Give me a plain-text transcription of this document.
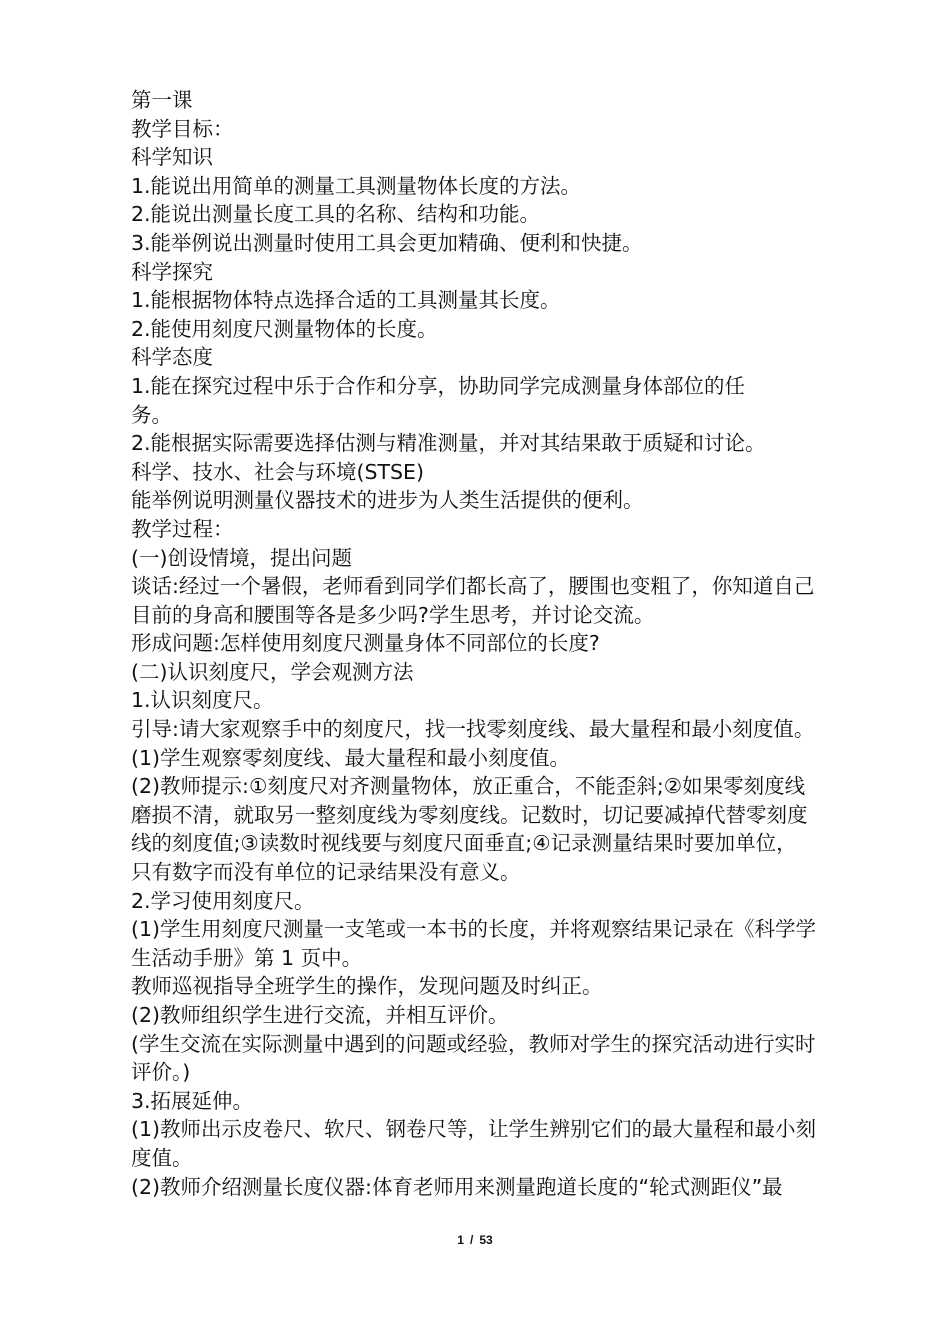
第一课
教学目标：
科学知识
1.能说出用简单的测量工具测量物体长度的方法。
2.能说出测量长度工具的名称、结构和功能。
3.能举例说出测量时使用工具会更加精确、便利和快捷。
科学探究
1.能根据物体特点选择合适的工具测量其长度。
2.能使用刻度尺测量物体的长度。
科学态度
1.能在探究过程中乐于合作和分享，协助同学完成测量身体部位的任
务。
2.能根据实际需要选择估测与精准测量，并对其结果敢于质疑和讨论。
科学、技水、社会与环境(STSE)
能举例说明测量仪器技术的进步为人类生活提供的便利。
教学过程：
(一)创设情境，提出问题
谈话:经过一个暑假，老师看到同学们都长高了，腰围也变粗了，你知道自己
目前的身高和腰围等各是多少吗?学生思考，并讨论交流。
形成问题:怎样使用刻度尺测量身体不同部位的长度?
(二)认识刻度尺，学会观测方法
1.认识刻度尺。
引导:请大家观察手中的刻度尺，找一找零刻度线、最大量程和最小刻度值。
(1)学生观察零刻度线、最大量程和最小刻度值。
(2)教师提示:①刻度尺对齐测量物体，放正重合，不能歪斜;②如果零刻度线
磨损不清，就取另一整刻度线为零刻度线。记数时，切记要减掉代替零刻度
线的刻度值;③读数时视线要与刻度尺面垂直;④记录测量结果时要加单位，
只有数字而没有单位的记录结果没有意义。
2.学习使用刻度尺。
(1)学生用刻度尺测量一支笔或一本书的长度，并将观察结果记录在《科学学
生活动手册》第 1 页中。
教师巡视指导全班学生的操作，发现问题及时纠正。
(2)教师组织学生进行交流，并相互评价。
(学生交流在实际测量中遇到的问题或经验，教师对学生的探究活动进行实时
评价。)
3.拓展延伸。
(1)教师出示皮卷尺、软尺、钢卷尺等，让学生辨别它们的最大量程和最小刻
度值。
(2)教师介绍测量长度仪器:体育老师用来测量跑道长度的“轮式测距仪”最
1 / 53
